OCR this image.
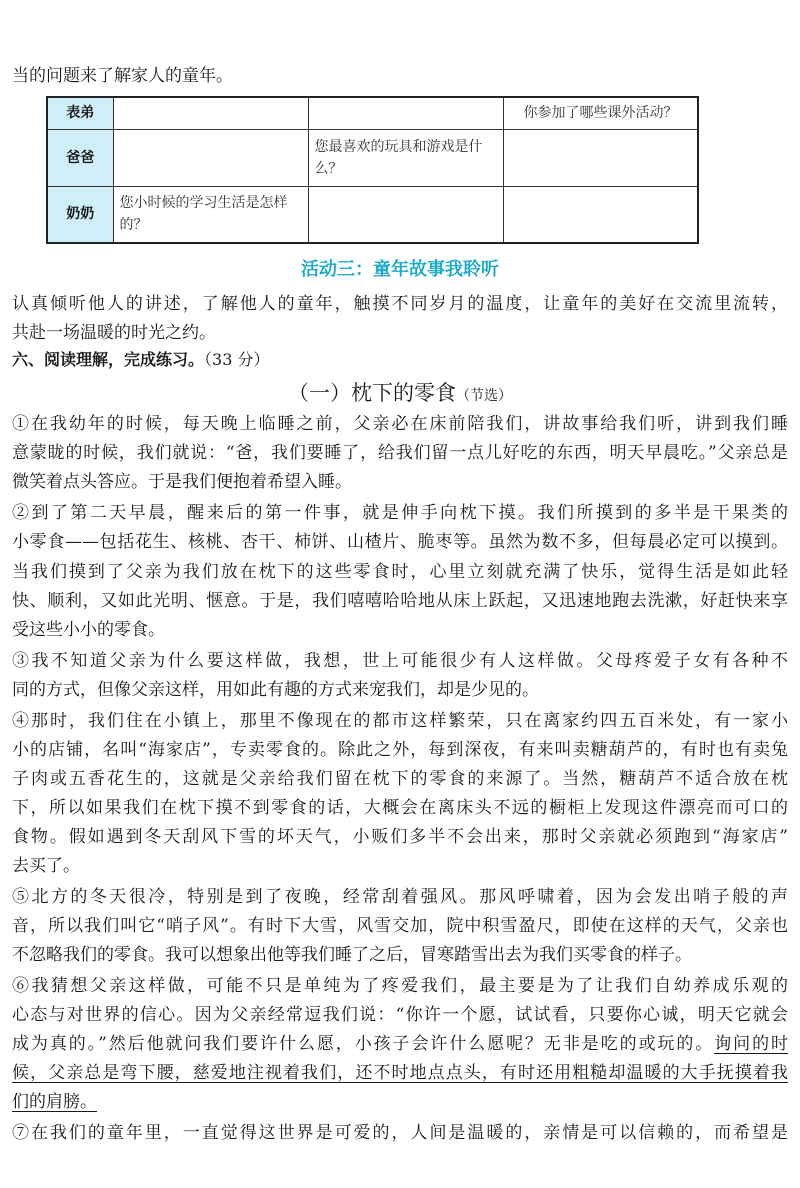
当的问题来了解家人的童年。
表弟			你参加了哪些课外活动？
爸爸		您最喜欢的玩具和游戏是什么？	
奶奶	您小时候的学习生活是怎样的？		
活动三：童年故事我聆听
认真倾听他人的讲述，了解他人的童年，触摸不同岁月的温度，让童年的美好在交流里流转，
共赴一场温暖的时光之约。
六、阅读理解，完成练习。（33 分）
（一）枕下的零食（节选）
①在我幼年的时候，每天晚上临睡之前，父亲必在床前陪我们，讲故事给我们听，讲到我们睡
意蒙眬的时候，我们就说：“爸，我们要睡了，给我们留一点儿好吃的东西，明天早晨吃。”父亲总是
微笑着点头答应。于是我们便抱着希望入睡。
②到了第二天早晨，醒来后的第一件事，就是伸手向枕下摸。我们所摸到的多半是干果类的
小零食——包括花生、核桃、杏干、柿饼、山楂片、脆枣等。虽然为数不多，但每晨必定可以摸到。
当我们摸到了父亲为我们放在枕下的这些零食时，心里立刻就充满了快乐，觉得生活是如此轻
快、顺利，又如此光明、惬意。于是，我们嘻嘻哈哈地从床上跃起，又迅速地跑去洗漱，好赶快来享
受这些小小的零食。
③我不知道父亲为什么要这样做，我想，世上可能很少有人这样做。父母疼爱子女有各种不
同的方式，但像父亲这样，用如此有趣的方式来宠我们，却是少见的。
④那时，我们住在小镇上，那里不像现在的都市这样繁荣，只在离家约四五百米处，有一家小
小的店铺，名叫“海家店”，专卖零食的。除此之外，每到深夜，有来叫卖糖葫芦的，有时也有卖兔
子肉或五香花生的，这就是父亲给我们留在枕下的零食的来源了。当然，糖葫芦不适合放在枕
下，所以如果我们在枕下摸不到零食的话，大概会在离床头不远的橱柜上发现这件漂亮而可口的
食物。假如遇到冬天刮风下雪的坏天气，小贩们多半不会出来，那时父亲就必须跑到“海家店”
去买了。
⑤北方的冬天很冷，特别是到了夜晚，经常刮着强风。那风呼啸着，因为会发出哨子般的声
音，所以我们叫它“哨子风”。有时下大雪，风雪交加，院中积雪盈尺，即使在这样的天气，父亲也
不忽略我们的零食。我可以想象出他等我们睡了之后，冒寒踏雪出去为我们买零食的样子。
⑥我猜想父亲这样做，可能不只是单纯为了疼爱我们，最主要是为了让我们自幼养成乐观的
心态与对世界的信心。因为父亲经常逗我们说：“你许一个愿，试试看，只要你心诚，明天它就会
成为真的。”然后他就问我们要许什么愿，小孩子会许什么愿呢？无非是吃的或玩的。询问的时
候，父亲总是弯下腰，慈爱地注视着我们，还不时地点点头，有时还用粗糙却温暖的大手抚摸着我
们的肩膀。
⑦在我们的童年里，一直觉得这世界是可爱的，人间是温暖的，亲情是可以信赖的，而希望是
